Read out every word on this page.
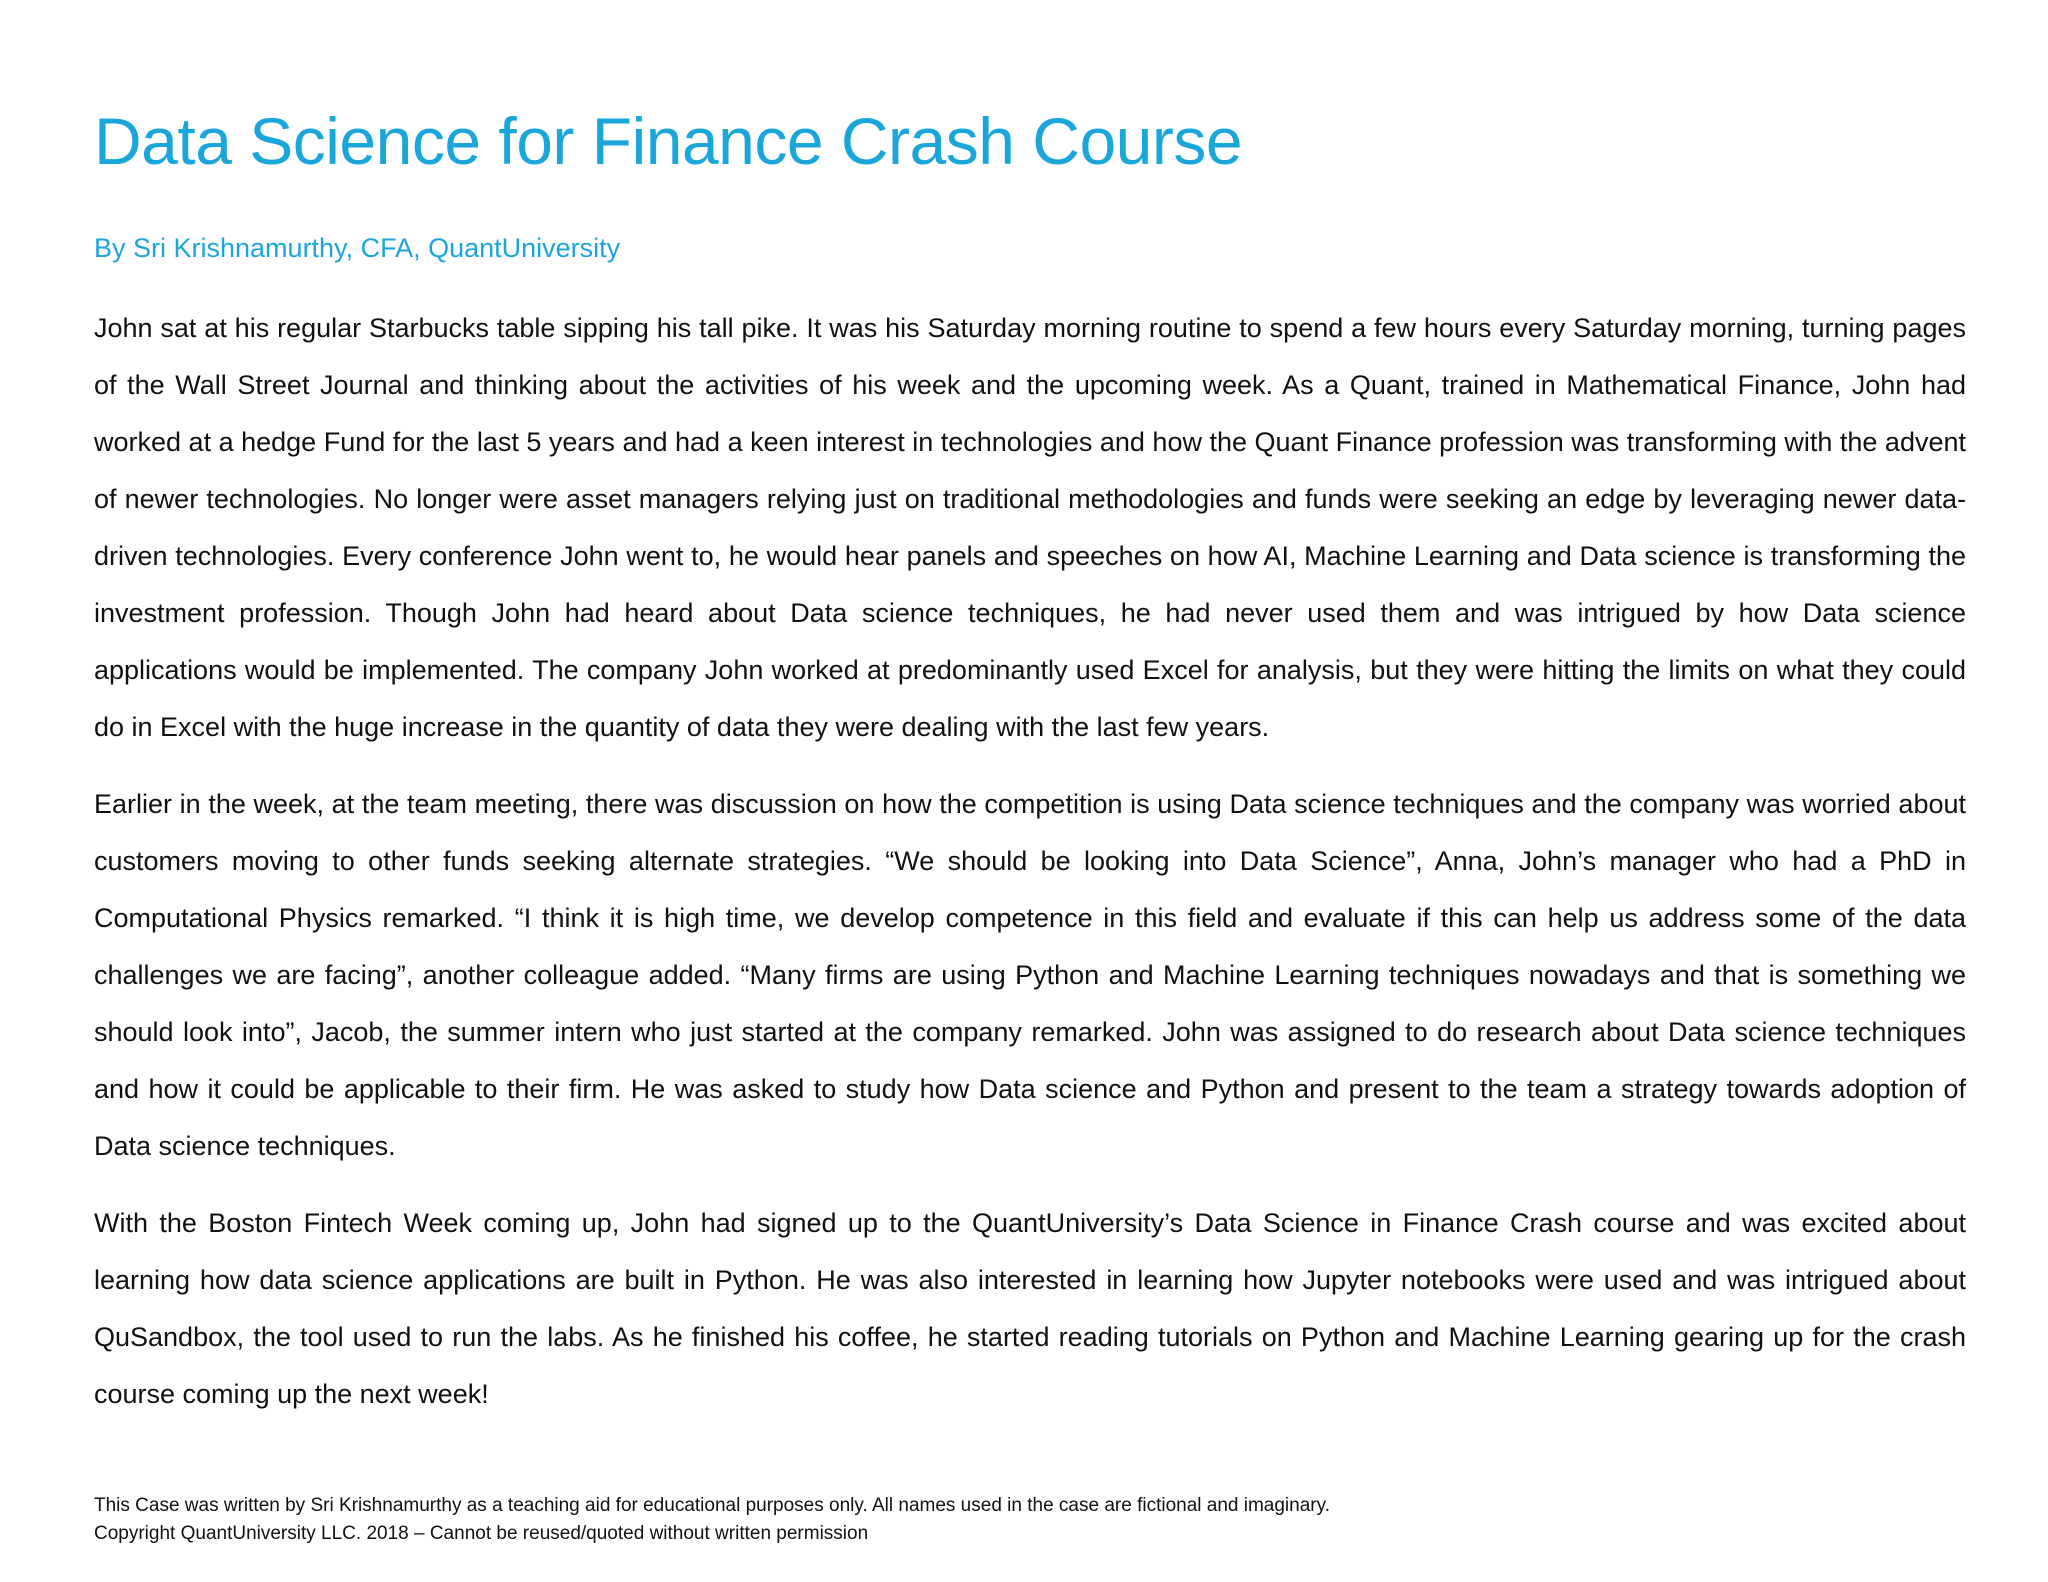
Data Science for Finance Crash Course

By Sri Krishnamurthy, CFA, QuantUniversity

John sat at his regular Starbucks table sipping his tall pike. It was his Saturday morning routine to spend a few hours every Saturday morning, turning pages of the Wall Street Journal and thinking about the activities of his week and the upcoming week. As a Quant, trained in Mathematical Finance, John had worked at a hedge Fund for the last 5 years and had a keen interest in technologies and how the Quant Finance profession was transforming with the advent of newer technologies. No longer were asset managers relying just on traditional methodologies and funds were seeking an edge by leveraging newer data-driven technologies. Every conference John went to, he would hear panels and speeches on how AI, Machine Learning and Data science is transforming the investment profession. Though John had heard about Data science techniques, he had never used them and was intrigued by how Data science applications would be implemented. The company John worked at predominantly used Excel for analysis, but they were hitting the limits on what they could do in Excel with the huge increase in the quantity of data they were dealing with the last few years.

Earlier in the week, at the team meeting, there was discussion on how the competition is using Data science techniques and the company was worried about customers moving to other funds seeking alternate strategies. “We should be looking into Data Science”, Anna, John’s manager who had a PhD in Computational Physics remarked. “I think it is high time, we develop competence in this field and evaluate if this can help us address some of the data challenges we are facing”, another colleague added. “Many firms are using Python and Machine Learning techniques nowadays and that is something we should look into”, Jacob, the summer intern who just started at the company remarked. John was assigned to do research about Data science techniques and how it could be applicable to their firm. He was asked to study how Data science and Python and present to the team a strategy towards adoption of Data science techniques.

With the Boston Fintech Week coming up, John had signed up to the QuantUniversity’s Data Science in Finance Crash course and was excited about learning how data science applications are built in Python. He was also interested in learning how Jupyter notebooks were used and was intrigued about QuSandbox, the tool used to run the labs. As he finished his coffee, he started reading tutorials on Python and Machine Learning gearing up for the crash course coming up the next week!

This Case was written by Sri Krishnamurthy as a teaching aid for educational purposes only. All names used in the case are fictional and imaginary.

Copyright QuantUniversity LLC. 2018 – Cannot be reused/quoted without written permission
